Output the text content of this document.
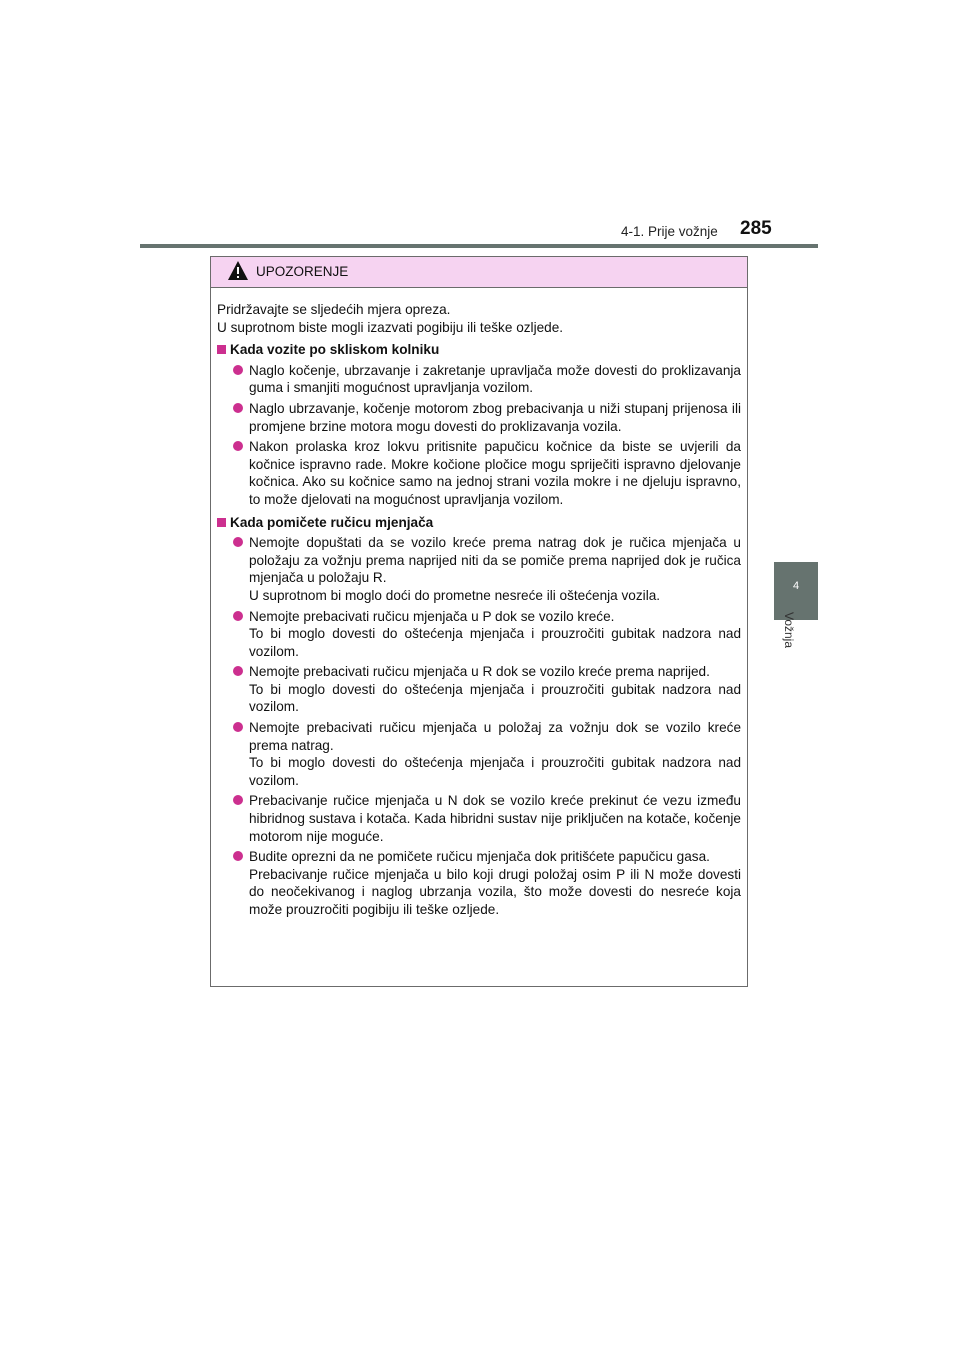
4-1. Prije vožnje 285
4
Vožnja
UPOZORENJE

Pridržavajte se sljedećih mjera opreza.

U suprotnom biste mogli izazvati pogibiju ili teške ozljede.

Kada vozite po skliskom kolniku

Naglo kočenje, ubrzavanje i zakretanje upravljača može dovesti do proklizavanja guma i smanjiti mogućnost upravljanja vozilom.

Naglo ubrzavanje, kočenje motorom zbog prebacivanja u niži stupanj prijenosa ili promjene brzine motora mogu dovesti do proklizavanja vozila.

Nakon prolaska kroz lokvu pritisnite papučicu kočnice da biste se uvjerili da kočnice ispravno rade. Mokre kočione pločice mogu spriječiti ispravno djelovanje kočnica. Ako su kočnice samo na jednoj strani vozila mokre i ne djeluju ispravno, to može djelovati na mogućnost upravljanja vozilom.

Kada pomičete ručicu mjenjača

Nemojte dopuštati da se vozilo kreće prema natrag dok je ručica mjenjača u položaju za vožnju prema naprijed niti da se pomiče prema naprijed dok je ručica mjenjača u položaju R.

U suprotnom bi moglo doći do prometne nesreće ili oštećenja vozila.

Nemojte prebacivati ručicu mjenjača u P dok se vozilo kreće.

To bi moglo dovesti do oštećenja mjenjača i prouzročiti gubitak nadzora nad vozilom.

Nemojte prebacivati ručicu mjenjača u R dok se vozilo kreće prema naprijed.

To bi moglo dovesti do oštećenja mjenjača i prouzročiti gubitak nadzora nad vozilom.

Nemojte prebacivati ručicu mjenjača u položaj za vožnju dok se vozilo kreće prema natrag.

To bi moglo dovesti do oštećenja mjenjača i prouzročiti gubitak nadzora nad vozilom.

Prebacivanje ručice mjenjača u N dok se vozilo kreće prekinut će vezu između hibridnog sustava i kotača. Kada hibridni sustav nije priključen na kotače, kočenje motorom nije moguće.

Budite oprezni da ne pomičete ručicu mjenjača dok pritišćete papučicu gasa.

Prebacivanje ručice mjenjača u bilo koji drugi položaj osim P ili N može dovesti do neočekivanog i naglog ubrzanja vozila, što može dovesti do nesreće koja može prouzročiti pogibiju ili teške ozljede.
